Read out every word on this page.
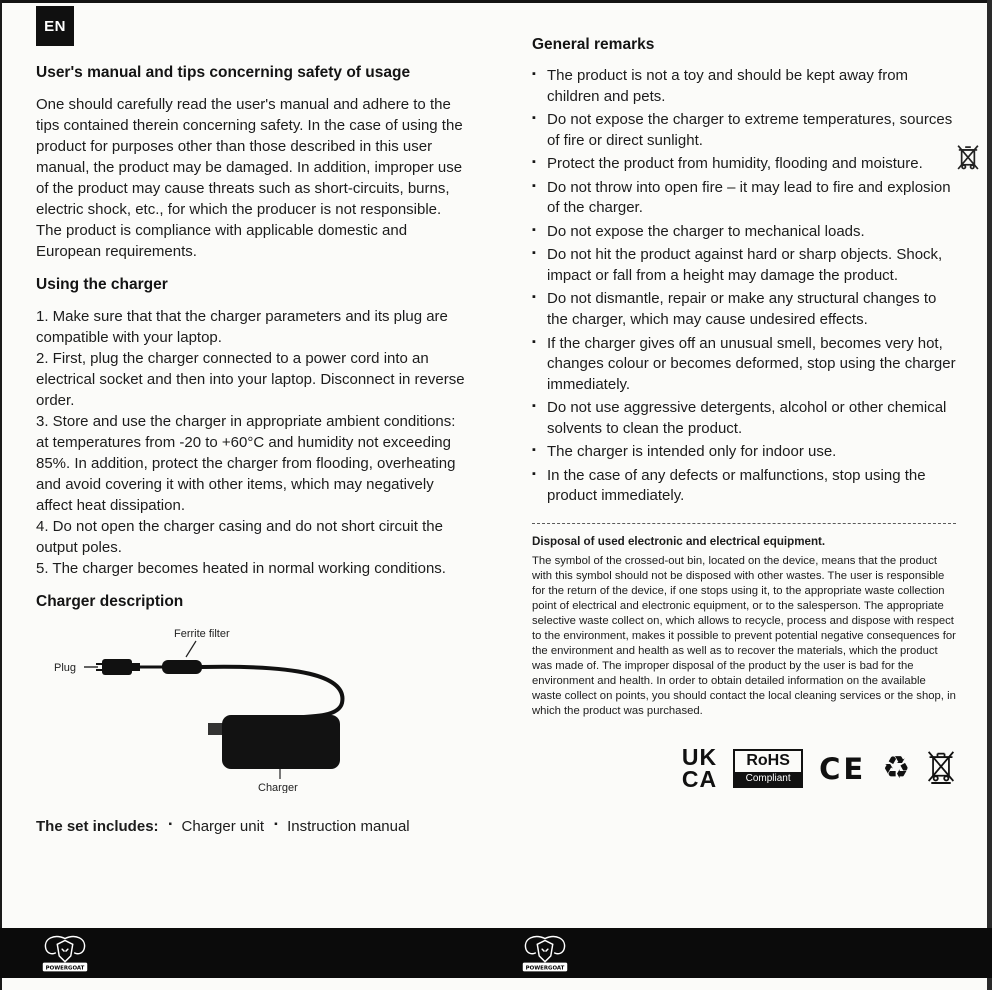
EN
User's manual and tips concerning safety of usage

One should carefully read the user's manual and adhere to the tips contained therein concerning safety. In the case of using the product for purposes other than those described in this user manual, the product may be damaged. In addition, improper use of the product may cause threats such as short-circuits, burns, electric shock, etc., for which the producer is not responsible. The product is compliance with applicable domestic and European requirements.

Using the charger

1. Make sure that that the charger parameters and its plug are compatible with your laptop.

2. First, plug the charger connected to a power cord into an electrical socket and then into your laptop. Disconnect in reverse order.

3. Store and use the charger in appropriate ambient conditions: at temperatures from -20 to +60°C and humidity not exceeding 85%. In addition, protect the charger from flooding, overheating and avoid covering it with other items, which may negatively affect heat dissipation.

4. Do not open the charger casing and do not short circuit the output poles.

5. The charger becomes heated in normal working conditions.

Charger description
Plug
Ferrite filter
Charger
The set includes:	▪ Charger unit	▪ Instruction manual
General remarks
▪ The product is not a toy and should be kept away from children and pets.
▪ Do not expose the charger to extreme temperatures, sources of fire or direct sunlight.
▪ Protect the product from humidity, flooding and moisture.
▪ Do not throw into open fire – it may lead to fire and explosion of the charger.
▪ Do not expose the charger to mechanical loads.
▪ Do not hit the product against hard or sharp objects. Shock, impact or fall from a height may damage the product.
▪ Do not dismantle, repair or make any structural changes to the charger, which may cause undesired effects.
▪ If the charger gives off an unusual smell, becomes very hot, changes colour or becomes deformed, stop using the charger immediately.
▪ Do not use aggressive detergents, alcohol or other chemical solvents to clean the product.
▪ The charger is intended only for indoor use.
▪ In the case of any defects or malfunctions, stop using the product immediately.

Disposal of used electronic and electrical equipment.

The symbol of the crossed-out bin, located on the device, means that the product with this symbol should not be disposed with other wastes. The user is responsible for the return of the device, if one stops using it, to the appropriate waste collection point of electrical and electronic equipment, or to the salesperson. The appropriate selective waste collect on, which allows to recycle, process and dispose with respect to the environment, makes it possible to prevent potential negative consequences for the environment and health as well as to recover the materials, which the product was made of. The improper disposal of the product by the user is bad for the environment and health. In order to obtain detailed information on the available waste collect on points, you should contact the local cleaning services or the shop, in which the product was purchased.

UK
CA
RoHS
Compliant CE ♻
POWERGOAT	POWERGOAT
